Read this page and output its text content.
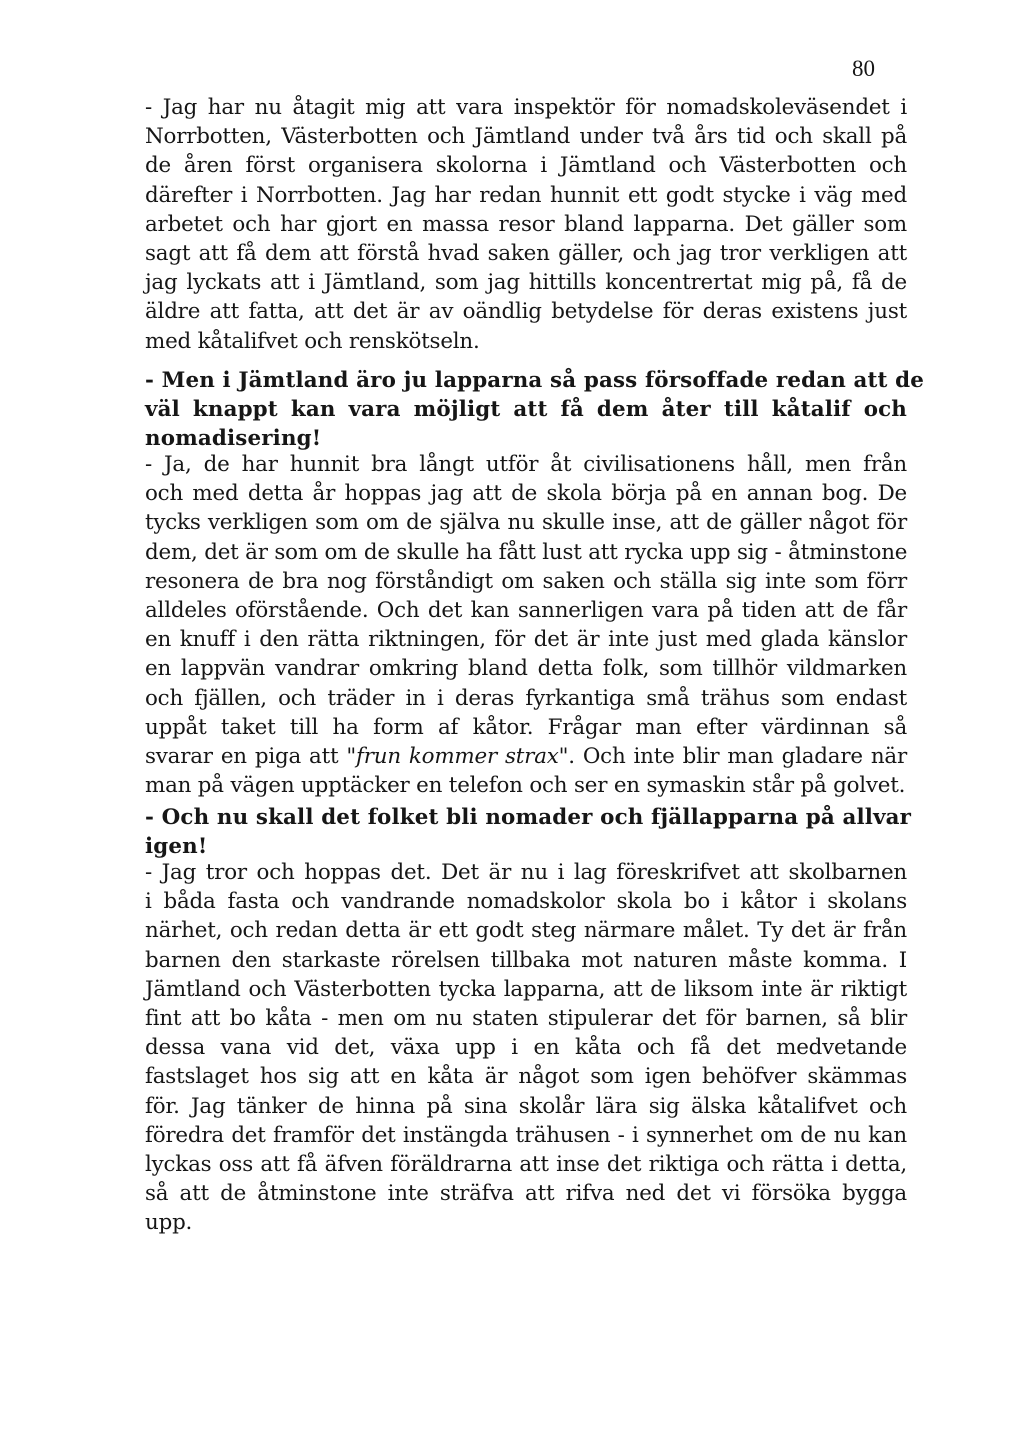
80
- Jag har nu åtagit mig att vara inspektör för nomadskoleväsendet i
Norrbotten, Västerbotten och Jämtland under två års tid och skall på
de åren först organisera skolorna i Jämtland och Västerbotten och
därefter i Norrbotten. Jag har redan hunnit ett godt stycke i väg med
arbetet och har gjort en massa resor bland lapparna. Det gäller som
sagt att få dem att förstå hvad saken gäller, och jag tror verkligen att
jag lyckats att i Jämtland, som jag hittills koncentrertat mig på, få de
äldre att fatta, att det är av oändlig betydelse för deras existens just
med kåtalifvet och renskötseln.
- Men i Jämtland äro ju lapparna så pass försoffade redan att de
väl knappt kan vara möjligt att få dem åter till kåtalif och
nomadisering!
- Ja, de har hunnit bra långt utför åt civilisationens håll, men från
och med detta år hoppas jag att de skola börja på en annan bog. De
tycks verkligen som om de själva nu skulle inse, att de gäller något för
dem, det är som om de skulle ha fått lust att rycka upp sig - åtminstone
resonera de bra nog förståndigt om saken och ställa sig inte som förr
alldeles oförstående. Och det kan sannerligen vara på tiden att de får
en knuff i den rätta riktningen, för det är inte just med glada känslor
en lappvän vandrar omkring bland detta folk, som tillhör vildmarken
och fjällen, och träder in i deras fyrkantiga små trähus som endast
uppåt taket till ha form af kåtor. Frågar man efter värdinnan så
svarar en piga att "frun kommer strax". Och inte blir man gladare när
man på vägen upptäcker en telefon och ser en symaskin står på golvet.
- Och nu skall det folket bli nomader och fjällapparna på allvar
igen!
- Jag tror och hoppas det. Det är nu i lag föreskrifvet att skolbarnen
i båda fasta och vandrande nomadskolor skola bo i kåtor i skolans
närhet, och redan detta är ett godt steg närmare målet. Ty det är från
barnen den starkaste rörelsen tillbaka mot naturen måste komma. I
Jämtland och Västerbotten tycka lapparna, att de liksom inte är riktigt
fint att bo kåta - men om nu staten stipulerar det för barnen, så blir
dessa vana vid det, växa upp i en kåta och få det medvetande
fastslaget hos sig att en kåta är något som igen behöfver skämmas
för. Jag tänker de hinna på sina skolår lära sig älska kåtalifvet och
föredra det framför det instängda trähusen - i synnerhet om de nu kan
lyckas oss att få äfven föräldrarna att inse det riktiga och rätta i detta,
så att de åtminstone inte sträfva att rifva ned det vi försöka bygga
upp.
